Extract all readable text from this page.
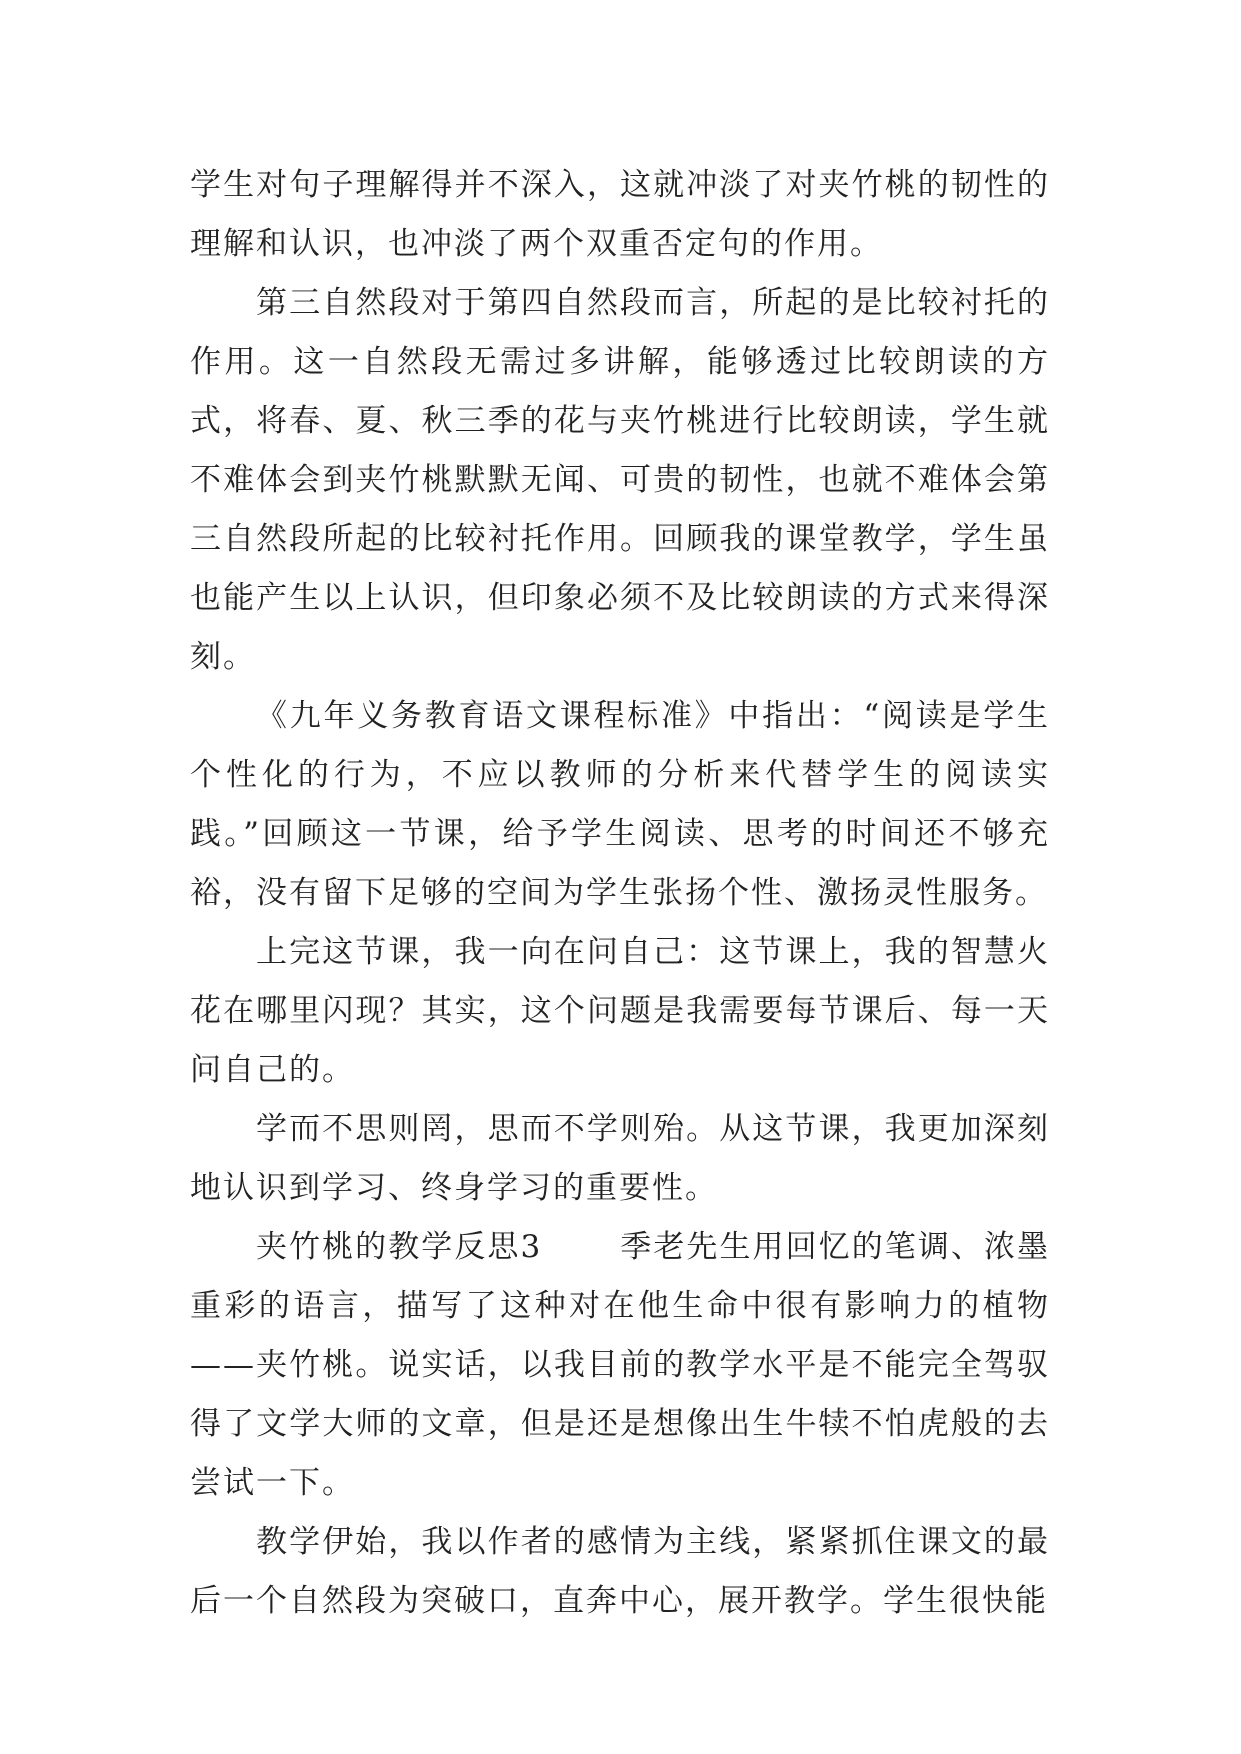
学生对句子理解得并不深入，这就冲淡了对夹竹桃的韧性的理解和认识，也冲淡了两个双重否定句的作用。

第三自然段对于第四自然段而言，所起的是比较衬托的作用。这一自然段无需过多讲解，能够透过比较朗读的方式，将春、夏、秋三季的花与夹竹桃进行比较朗读，学生就不难体会到夹竹桃默默无闻、可贵的韧性，也就不难体会第三自然段所起的比较衬托作用。回顾我的课堂教学，学生虽也能产生以上认识，但印象必须不及比较朗读的方式来得深刻。

《九年义务教育语文课程标准》中指出：“阅读是学生个性化的行为，不应以教师的分析来代替学生的阅读实践。”回顾这一节课，给予学生阅读、思考的时间还不够充裕，没有留下足够的空间为学生张扬个性、激扬灵性服务。

上完这节课，我一向在问自己：这节课上，我的智慧火花在哪里闪现？其实，这个问题是我需要每节课后、每一天问自己的。

学而不思则罔，思而不学则殆。从这节课，我更加深刻地认识到学习、终身学习的重要性。

夹竹桃的教学反思3	季老先生用回忆的笔调、浓墨重彩的语言，描写了这种对在他生命中很有影响力的植物——夹竹桃。说实话，以我目前的教学水平是不能完全驾驭得了文学大师的文章，但是还是想像出生牛犊不怕虎般的去尝试一下。

教学伊始，我以作者的感情为主线，紧紧抓住课文的最后一个自然段为突破口，直奔中心，展开教学。学生很快能
